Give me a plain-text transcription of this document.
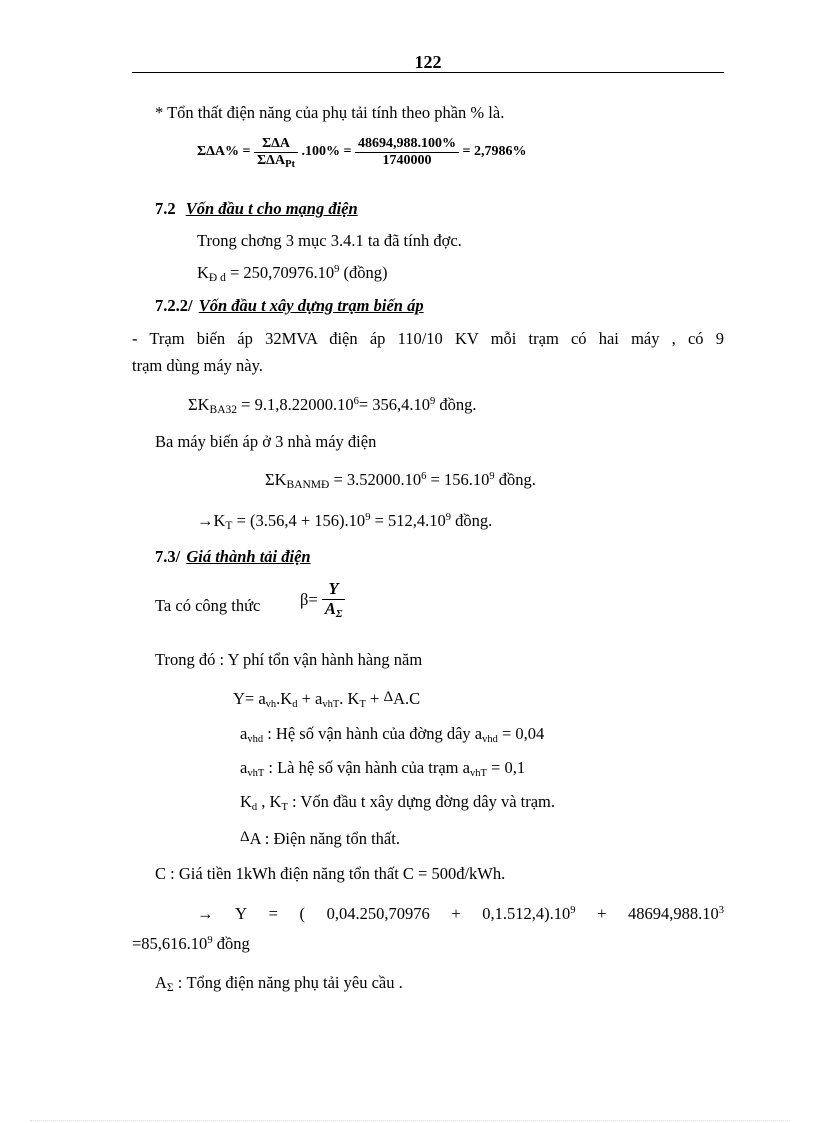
122
* Tổn thất điện năng của phụ tải tính theo phần % là.
$\Sigma\Delta A\% = \frac{\text{ΣΔA}}{\Sigma\Delta A_{Pt}} .100\% = \frac{48694,988.100\%}{1740000} = 2,7986\%$
7.2 Vốn đầu t cho mạng điện
Trong chơng 3 mục 3.4.1 ta đã tính đợc.
$K_{Đ d} = 250,70976.10^9$ (đồng)
7.2.2/ Vốn đầu t xây dựng trạm biến áp
- Trạm biến áp 32MVA điện áp 110/10 KV mỗi trạm có hai máy , có 9
trạm dùng máy này.
$\Sigma K_{BA32} = 9.1,8.22000.10^6= 356,4.10^9$ đồng.
Ba máy biến áp ở 3 nhà máy điện
$\Sigma K_{BANMĐ} = 3.52000.10^6 = 156.10^9$ đồng.
$\to K_T = (3.56,4 + 156).10^9 = 512,4.10^9$ đồng.
7.3/ Giá thành tải điện
Ta có công thức $\beta= \frac{Y}{A_\Sigma}$
Trong đó : Y phí tổn vận hành hàng năm
$Y= a_{vh}.K_d + a_{vhT}$. $K_T + \Delta A.C$
$a_{vhd}$ : Hệ số vận hành của đờng dây $a_{vhd} = 0,04$
$a_{vhT}$ : Là hệ số vận hành của trạm $a_{vhT} = 0,1$
$K_d$ , $K_T$ : Vốn đầu t xây dựng đờng dây và trạm.
ΔA : Điện năng tổn thất.
C : Giá tiền 1kWh điện năng tổn thất C = 500đ/kWh.
→ Y = ( $0,04.250,70976 + 0,1.512,4).10^9 + 48694,988.10^3$
$=85,616.10^9$ đồng
$A_\Sigma$ : Tổng điện năng phụ tải yêu cầu .
